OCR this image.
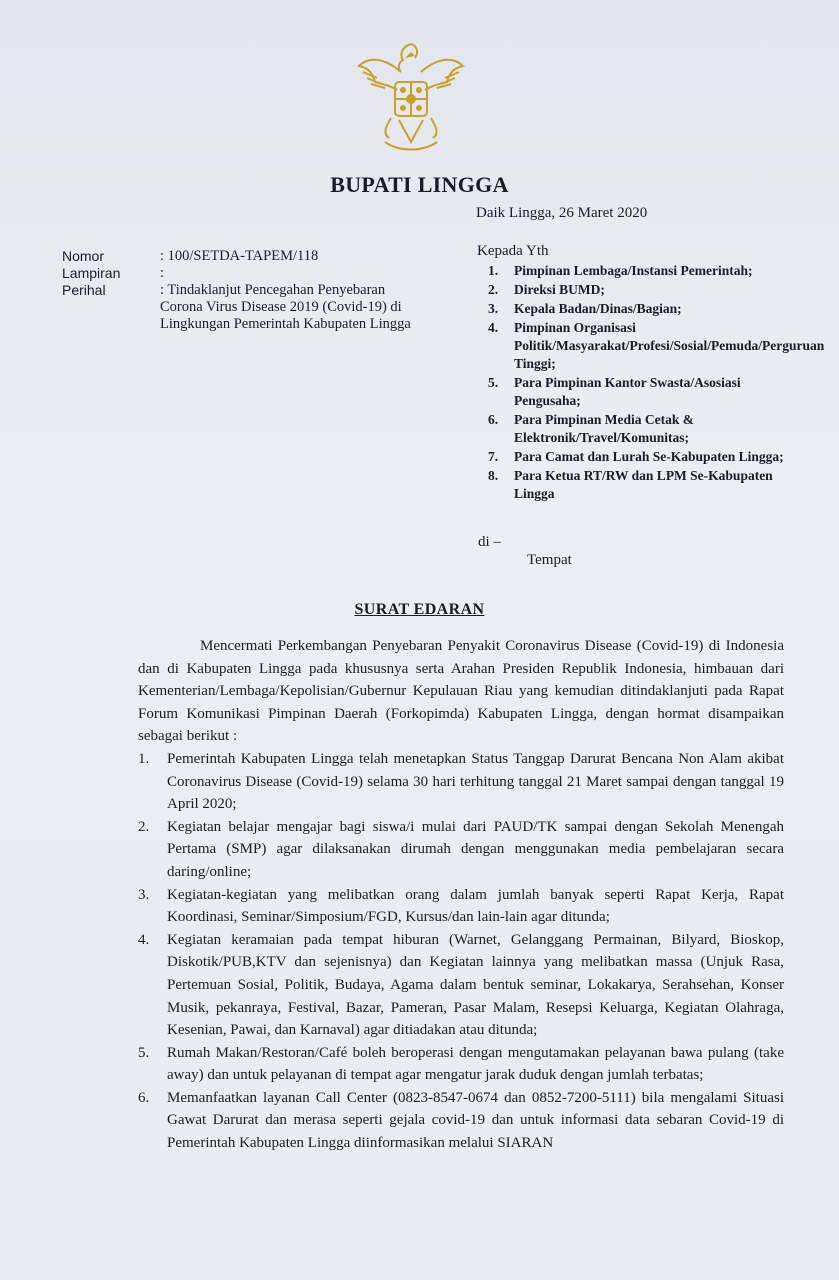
BUPATI LINGGA
Daik Lingga, 26 Maret 2020
Nomor	: 100/SETDA-TAPEM/118
Lampiran	:
Perihal	: Tindaklanjut Pencegahan Penyebaran Corona Virus Disease 2019 (Covid-19) di Lingkungan Pemerintah Kabupaten Lingga
Kepada Yth
1.	Pimpinan Lembaga/Instansi Pemerintah;
2.	Direksi BUMD;
3.	Kepala Badan/Dinas/Bagian;
4.	Pimpinan Organisasi Politik/Masyarakat/Profesi/Sosial/Pemuda/Perguruan Tinggi;
5.	Para Pimpinan Kantor Swasta/Asosiasi Pengusaha;
6.	Para Pimpinan Media Cetak & Elektronik/Travel/Komunitas;
7.	Para Camat dan Lurah Se-Kabupaten Lingga;
8.	Para Ketua RT/RW dan LPM Se-Kabupaten Lingga
di –
Tempat
SURAT EDARAN

Mencermati Perkembangan Penyebaran Penyakit Coronavirus Disease (Covid-19) di Indonesia dan di Kabupaten Lingga pada khususnya serta Arahan Presiden Republik Indonesia, himbauan dari Kementerian/Lembaga/Kepolisian/Gubernur Kepulauan Riau yang kemudian ditindaklanjuti pada Rapat Forum Komunikasi Pimpinan Daerah (Forkopimda) Kabupaten Lingga, dengan hormat disampaikan sebagai berikut :

1.	Pemerintah Kabupaten Lingga telah menetapkan Status Tanggap Darurat Bencana Non Alam akibat Coronavirus Disease (Covid-19) selama 30 hari terhitung tanggal 21 Maret sampai dengan tanggal 19 April 2020;
2.	Kegiatan belajar mengajar bagi siswa/i mulai dari PAUD/TK sampai dengan Sekolah Menengah Pertama (SMP) agar dilaksanakan dirumah dengan menggunakan media pembelajaran secara daring/online;
3.	Kegiatan-kegiatan yang melibatkan orang dalam jumlah banyak seperti Rapat Kerja, Rapat Koordinasi, Seminar/Simposium/FGD, Kursus/dan lain-lain agar ditunda;
4.	Kegiatan keramaian pada tempat hiburan (Warnet, Gelanggang Permainan, Bilyard, Bioskop, Diskotik/PUB,KTV dan sejenisnya) dan Kegiatan lainnya yang melibatkan massa (Unjuk Rasa, Pertemuan Sosial, Politik, Budaya, Agama dalam bentuk seminar, Lokakarya, Serahsehan, Konser Musik, pekanraya, Festival, Bazar, Pameran, Pasar Malam, Resepsi Keluarga, Kegiatan Olahraga, Kesenian, Pawai, dan Karnaval) agar ditiadakan atau ditunda;
5.	Rumah Makan/Restoran/Café boleh beroperasi dengan mengutamakan pelayanan bawa pulang (take away) dan untuk pelayanan di tempat agar mengatur jarak duduk dengan jumlah terbatas;
6.	Memanfaatkan layanan Call Center (0823-8547-0674 dan 0852-7200-5111) bila mengalami Situasi Gawat Darurat dan merasa seperti gejala covid-19 dan untuk informasi data sebaran Covid-19 di Pemerintah Kabupaten Lingga diinformasikan melalui SIARAN
